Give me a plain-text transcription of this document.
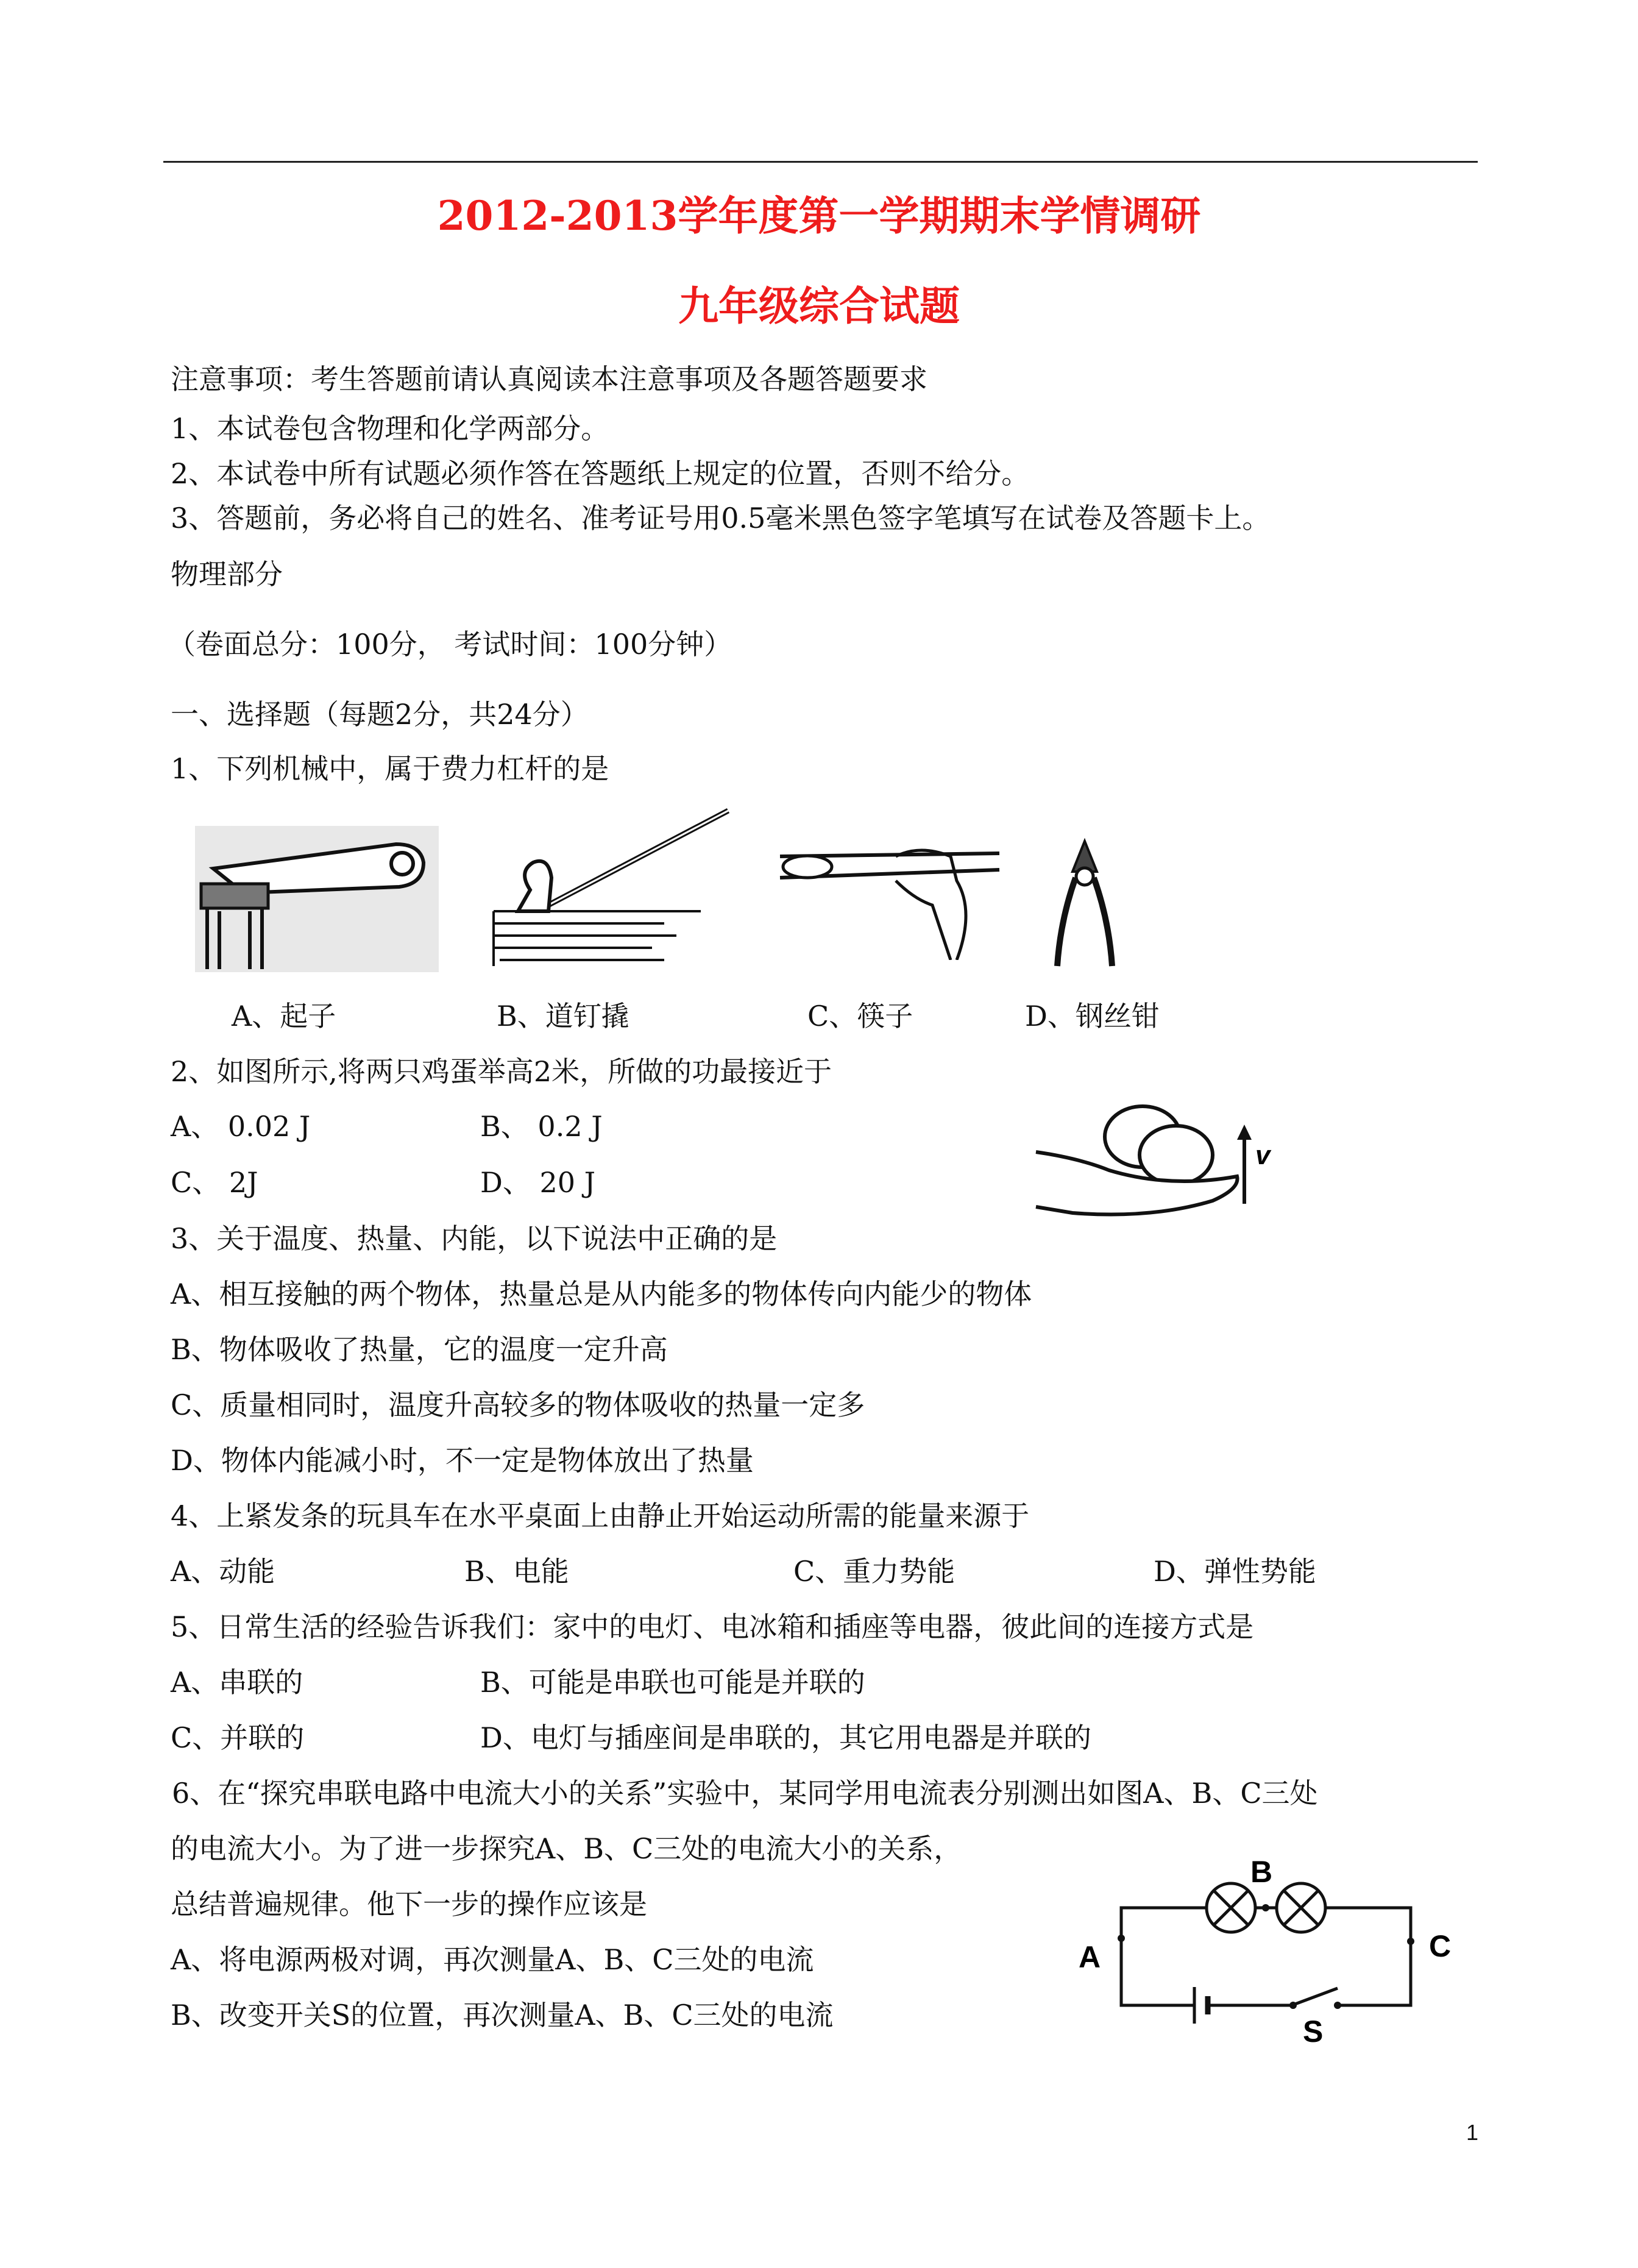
2012-2013学年度第一学期期末学情调研
九年级综合试题
注意事项：考生答题前请认真阅读本注意事项及各题答题要求
1、本试卷包含物理和化学两部分。
2、本试卷中所有试题必须作答在答题纸上规定的位置，否则不给分。
3、答题前，务必将自己的姓名、准考证号用0.5毫米黑色签字笔填写在试卷及答题卡上。
物理部分
（卷面总分：100分， 考试时间：100分钟）
一、选择题（每题2分，共24分）
1、下列机械中，属于费力杠杆的是
A、起子	B、道钉撬	C、筷子	D、钢丝钳
2、如图所示,将两只鸡蛋举高2米，所做的功最接近于
A、 0.02 J	B、 0.2 J
C、 2J	D、 20 J
v
3、关于温度、热量、内能，以下说法中正确的是
A、相互接触的两个物体，热量总是从内能多的物体传向内能少的物体
B、物体吸收了热量，它的温度一定升高
C、质量相同时，温度升高较多的物体吸收的热量一定多
D、物体内能减小时，不一定是物体放出了热量
4、上紧发条的玩具车在水平桌面上由静止开始运动所需的能量来源于
A、动能	B、电能	C、重力势能	D、弹性势能
5、日常生活的经验告诉我们：家中的电灯、电冰箱和插座等电器，彼此间的连接方式是
A、串联的	B、可能是串联也可能是并联的
C、并联的	D、电灯与插座间是串联的，其它用电器是并联的
6、在“探究串联电路中电流大小的关系”实验中，某同学用电流表分别测出如图A、B、C三处
的电流大小。为了进一步探究A、B、C三处的电流大小的关系，
总结普遍规律。他下一步的操作应该是
A、将电源两极对调，再次测量A、B、C三处的电流
B、改变开关S的位置，再次测量A、B、C三处的电流
A
B
C
S
1
